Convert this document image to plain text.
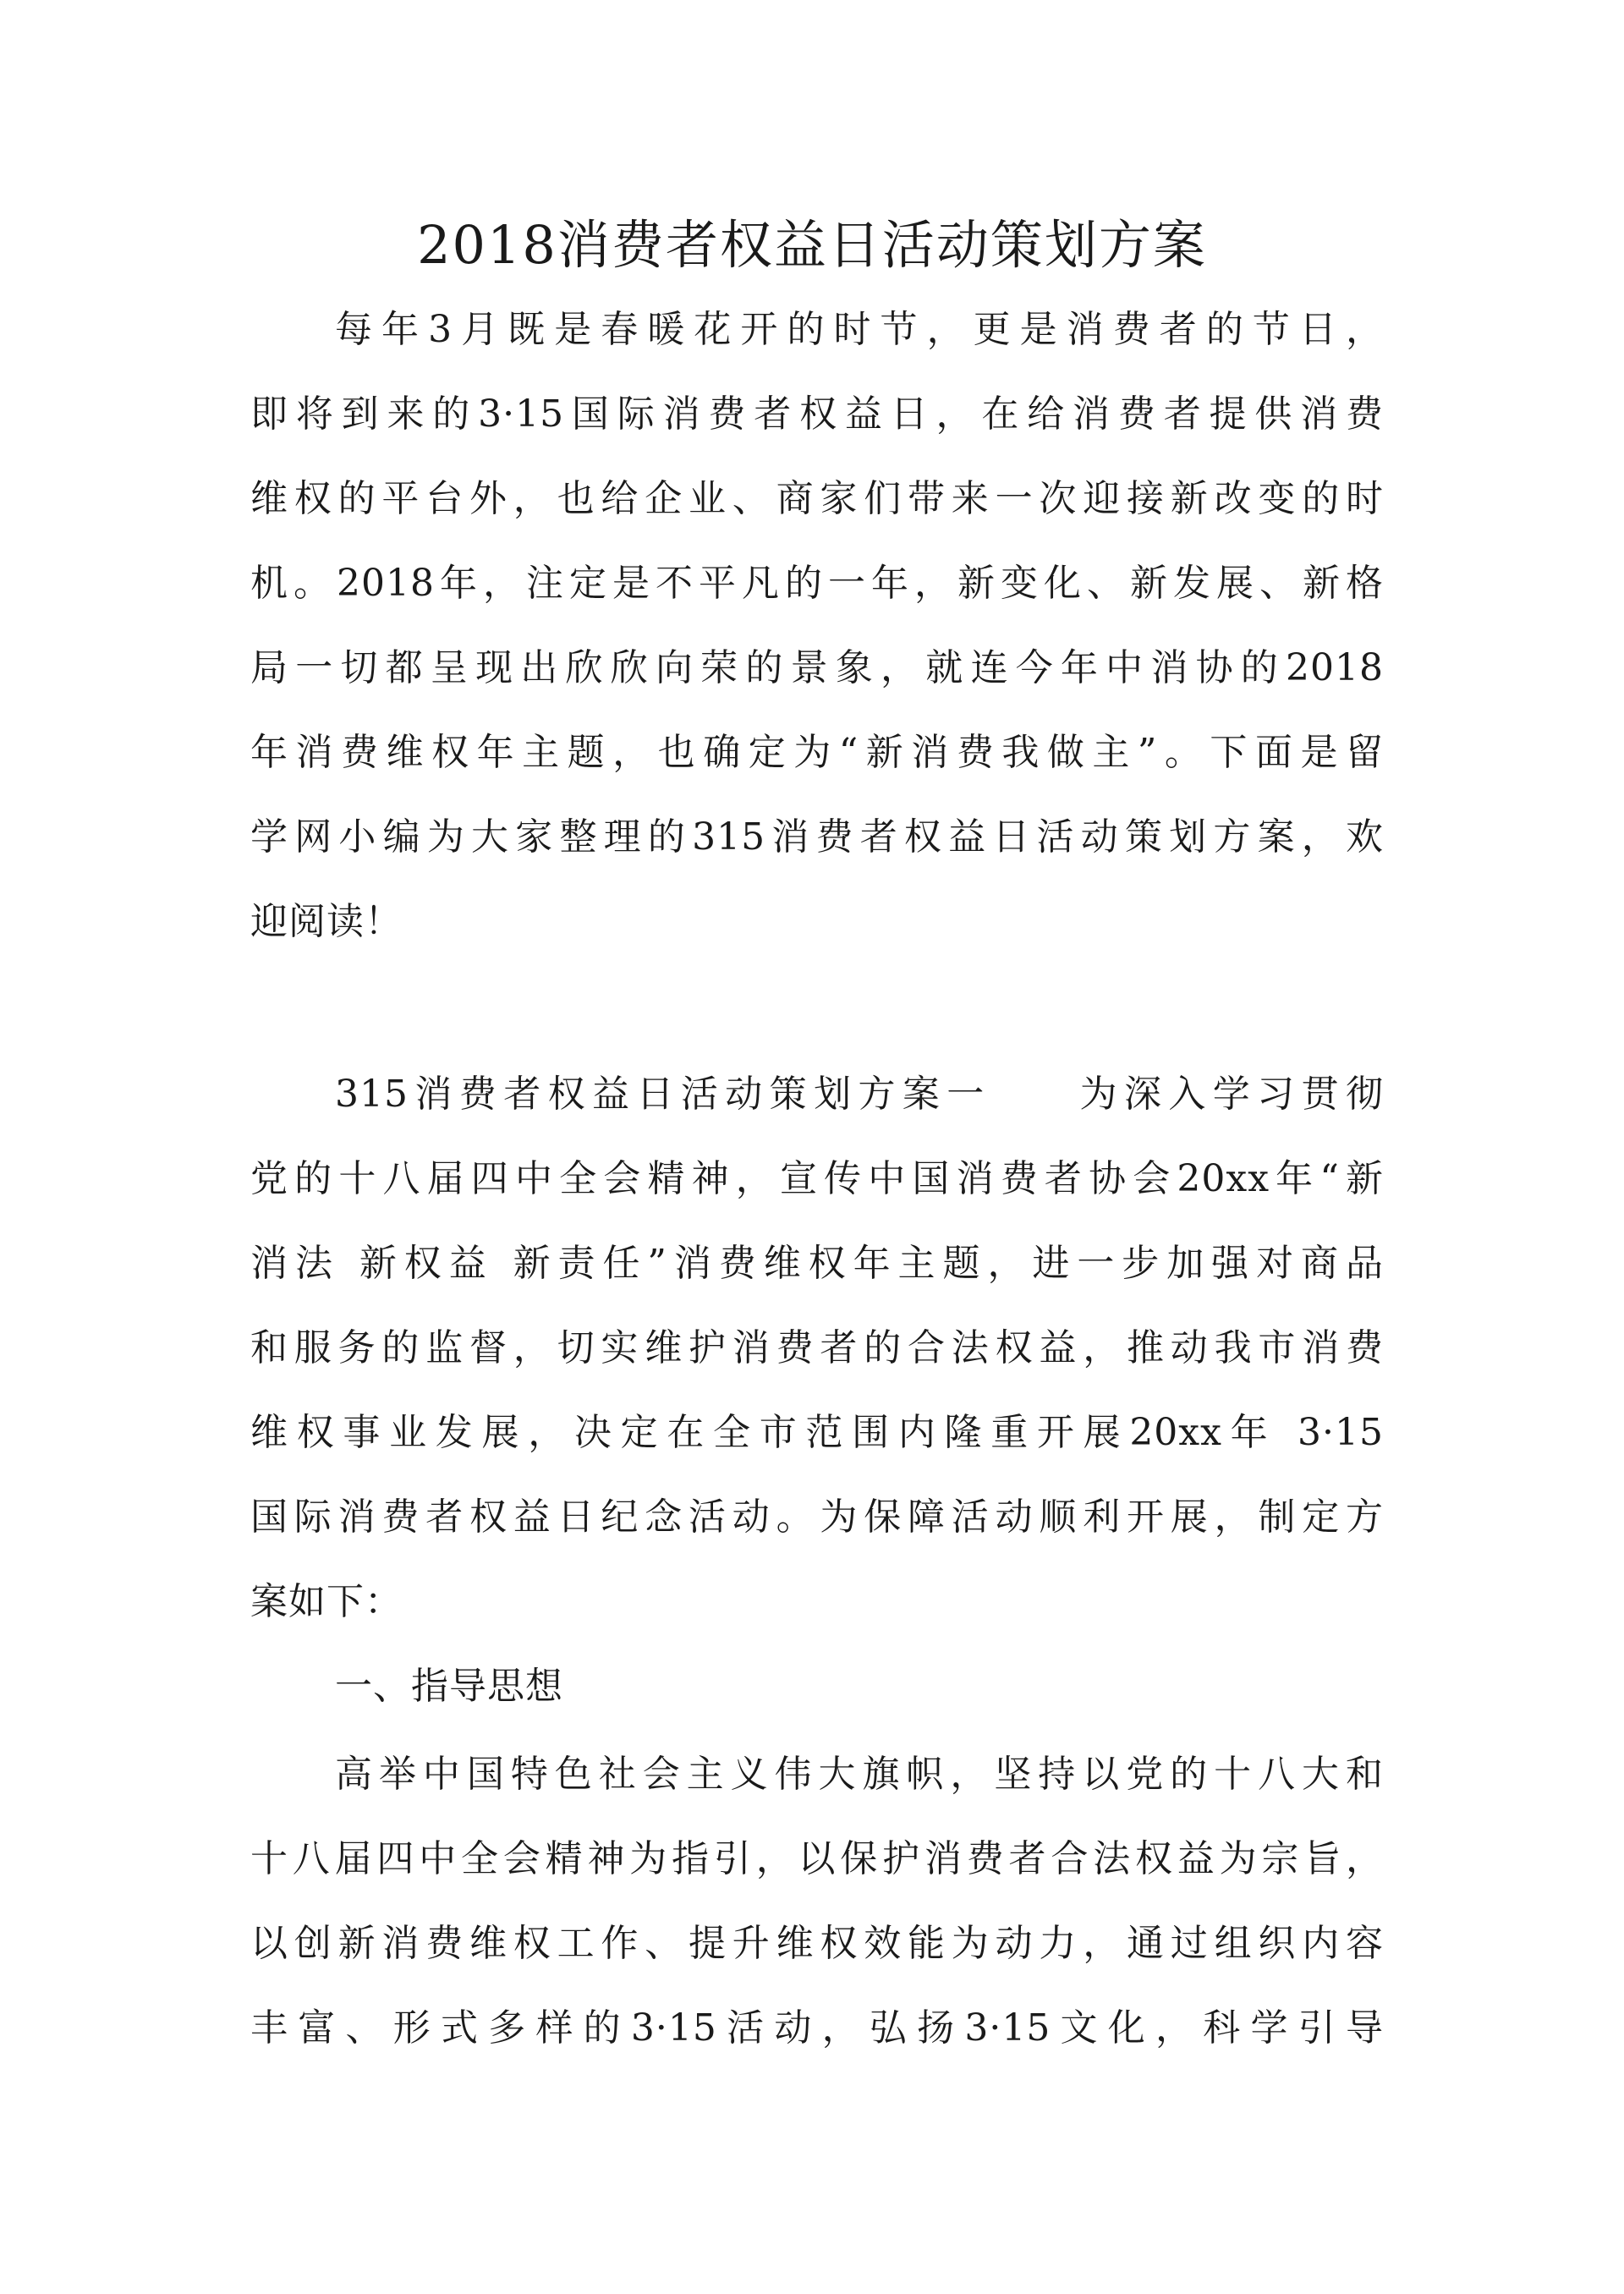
2018消费者权益日活动策划方案
每年3月既是春暖花开的时节，更是消费者的节日，
即将到来的3·15国际消费者权益日，在给消费者提供消费
维权的平台外，也给企业、商家们带来一次迎接新改变的时
机。2018年，注定是不平凡的一年，新变化、新发展、新格
局一切都呈现出欣欣向荣的景象，就连今年中消协的2018
年消费维权年主题，也确定为“新消费我做主”。下面是留
学网小编为大家整理的315消费者权益日活动策划方案，欢
迎阅读！
315消费者权益日活动策划方案一　　为深入学习贯彻
党的十八届四中全会精神，宣传中国消费者协会20xx年“新
消法 新权益 新责任”消费维权年主题，进一步加强对商品
和服务的监督，切实维护消费者的合法权益，推动我市消费
维权事业发展，决定在全市范围内隆重开展20xx年 3·15
国际消费者权益日纪念活动。为保障活动顺利开展，制定方
案如下：
一、指导思想
高举中国特色社会主义伟大旗帜，坚持以党的十八大和
十八届四中全会精神为指引，以保护消费者合法权益为宗旨，
以创新消费维权工作、提升维权效能为动力，通过组织内容
丰富、形式多样的3·15活动，弘扬3·15文化，科学引导
